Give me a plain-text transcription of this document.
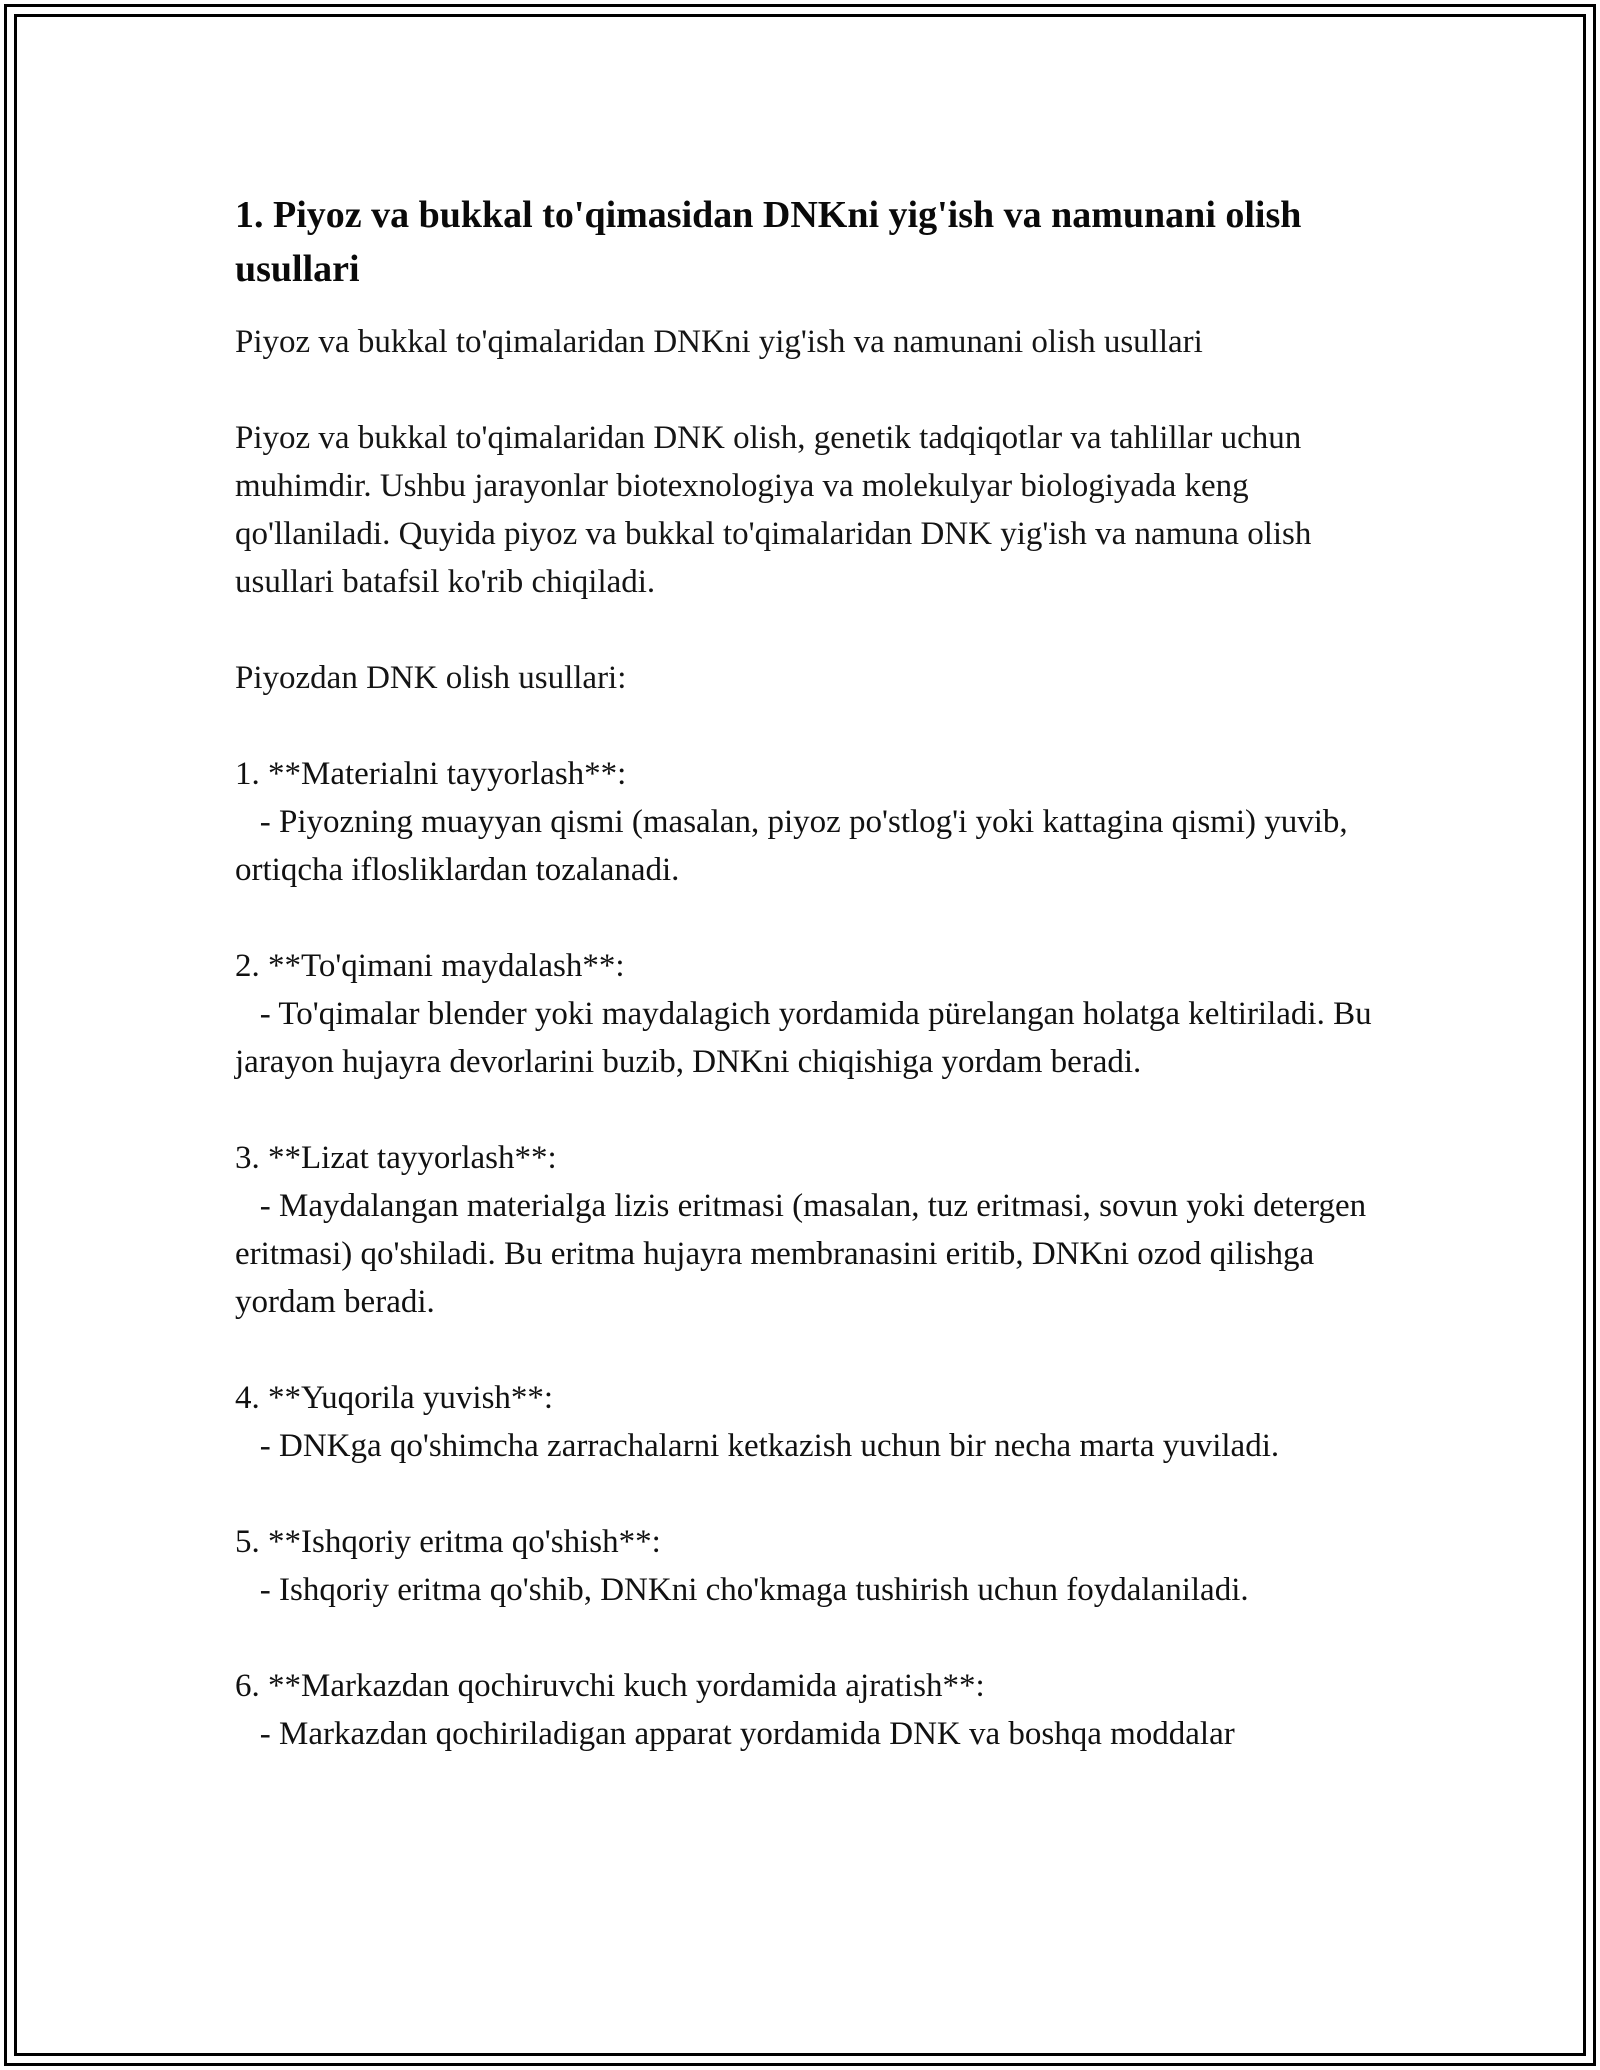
1. Piyoz va bukkal to'qimasidan DNKni yig'ish va namunani olish usullari

Piyoz va bukkal to'qimalaridan DNKni yig'ish va namunani olish usullari

Piyoz va bukkal to'qimalaridan DNK olish, genetik tadqiqotlar va tahlillar uchun muhimdir. Ushbu jarayonlar biotexnologiya va molekulyar biologiyada keng qo'llaniladi. Quyida piyoz va bukkal to'qimalaridan DNK yig'ish va namuna olish usullari batafsil ko'rib chiqiladi.

Piyozdan DNK olish usullari:

1. **Materialni tayyorlash**:

- Piyozning muayyan qismi (masalan, piyoz po'stlog'i yoki kattagina qismi) yuvib, ortiqcha iflosliklardan tozalanadi.

2. **To'qimani maydalash**:

- To'qimalar blender yoki maydalagich yordamida pürelangan holatga keltiriladi. Bu jarayon hujayra devorlarini buzib, DNKni chiqishiga yordam beradi.

3. **Lizat tayyorlash**:

- Maydalangan materialga lizis eritmasi (masalan, tuz eritmasi, sovun yoki detergen eritmasi) qo'shiladi. Bu eritma hujayra membranasini eritib, DNKni ozod qilishga yordam beradi.

4. **Yuqorila yuvish**:

- DNKga qo'shimcha zarrachalarni ketkazish uchun bir necha marta yuviladi.

5. **Ishqoriy eritma qo'shish**:

- Ishqoriy eritma qo'shib, DNKni cho'kmaga tushirish uchun foydalaniladi.

6. **Markazdan qochiruvchi kuch yordamida ajratish**:

- Markazdan qochiriladigan apparat yordamida DNK va boshqa moddalar
